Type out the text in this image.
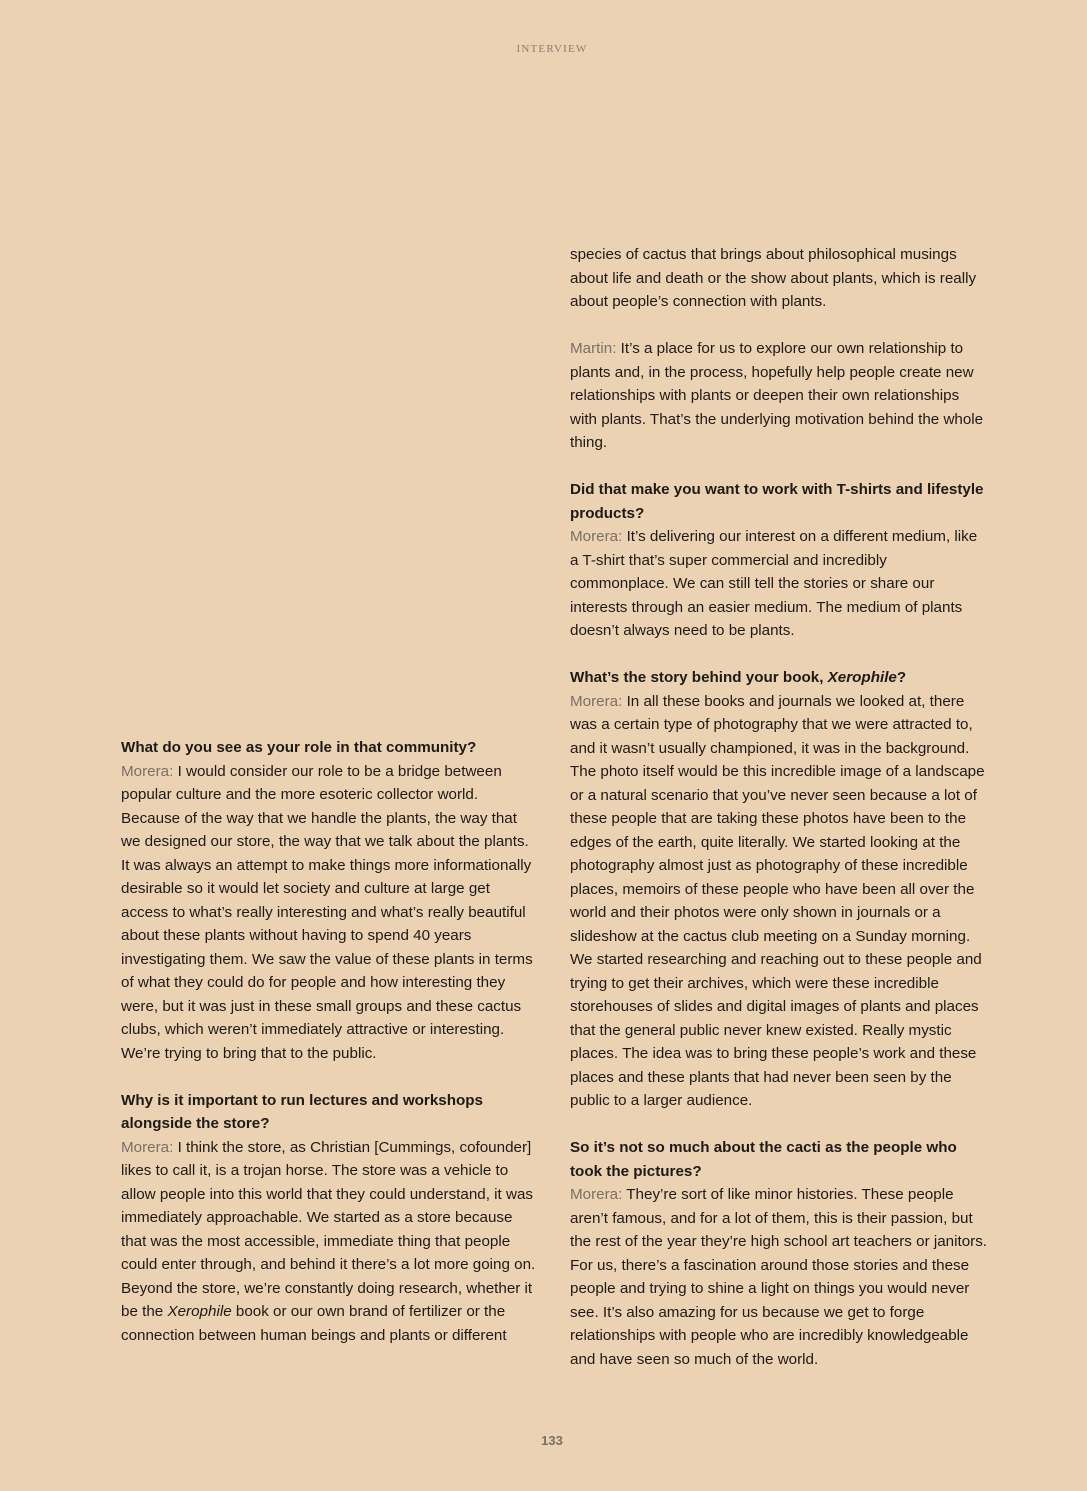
INTERVIEW

What do you see as your role in that community?

Morera: I would consider our role to be a bridge between popular culture and the more esoteric collector world. Because of the way that we handle the plants, the way that we designed our store, the way that we talk about the plants. It was always an attempt to make things more informationally desirable so it would let society and culture at large get access to what’s really interesting and what’s really beautiful about these plants without having to spend 40 years investigating them. We saw the value of these plants in terms of what they could do for people and how interesting they were, but it was just in these small groups and these cactus clubs, which weren’t immediately attractive or interesting. We’re trying to bring that to the public.

Why is it important to run lectures and workshops alongside the store?

Morera: I think the store, as Christian [Cummings, cofounder] likes to call it, is a trojan horse. The store was a vehicle to allow people into this world that they could understand, it was immediately approachable. We started as a store because that was the most accessible, immediate thing that people could enter through, and behind it there’s a lot more going on. Beyond the store, we’re constantly doing research, whether it be the Xerophile book or our own brand of fertilizer or the connection between human beings and plants or different

species of cactus that brings about philosophical musings about life and death or the show about plants, which is really about people’s connection with plants.

Martin: It’s a place for us to explore our own relationship to plants and, in the process, hopefully help people create new relationships with plants or deepen their own relationships with plants. That’s the underlying motivation behind the whole thing.

Did that make you want to work with T-shirts and lifestyle products?

Morera: It’s delivering our interest on a different medium, like a T-shirt that’s super commercial and incredibly commonplace. We can still tell the stories or share our interests through an easier medium. The medium of plants doesn’t always need to be plants.

What’s the story behind your book, Xerophile?

Morera: In all these books and journals we looked at, there was a certain type of photography that we were attracted to, and it wasn’t usually championed, it was in the background. The photo itself would be this incredible image of a landscape or a natural scenario that you’ve never seen because a lot of these people that are taking these photos have been to the edges of the earth, quite literally. We started looking at the photography almost just as photography of these incredible places, memoirs of these people who have been all over the world and their photos were only shown in journals or a slideshow at the cactus club meeting on a Sunday morning. We started researching and reaching out to these people and trying to get their archives, which were these incredible storehouses of slides and digital images of plants and places that the general public never knew existed. Really mystic places. The idea was to bring these people’s work and these places and these plants that had never been seen by the public to a larger audience.

So it’s not so much about the cacti as the people who took the pictures?

Morera: They’re sort of like minor histories. These people aren’t famous, and for a lot of them, this is their passion, but the rest of the year they’re high school art teachers or janitors. For us, there’s a fascination around those stories and these people and trying to shine a light on things you would never see. It’s also amazing for us because we get to forge relationships with people who are incredibly knowledgeable and have seen so much of the world.

133
